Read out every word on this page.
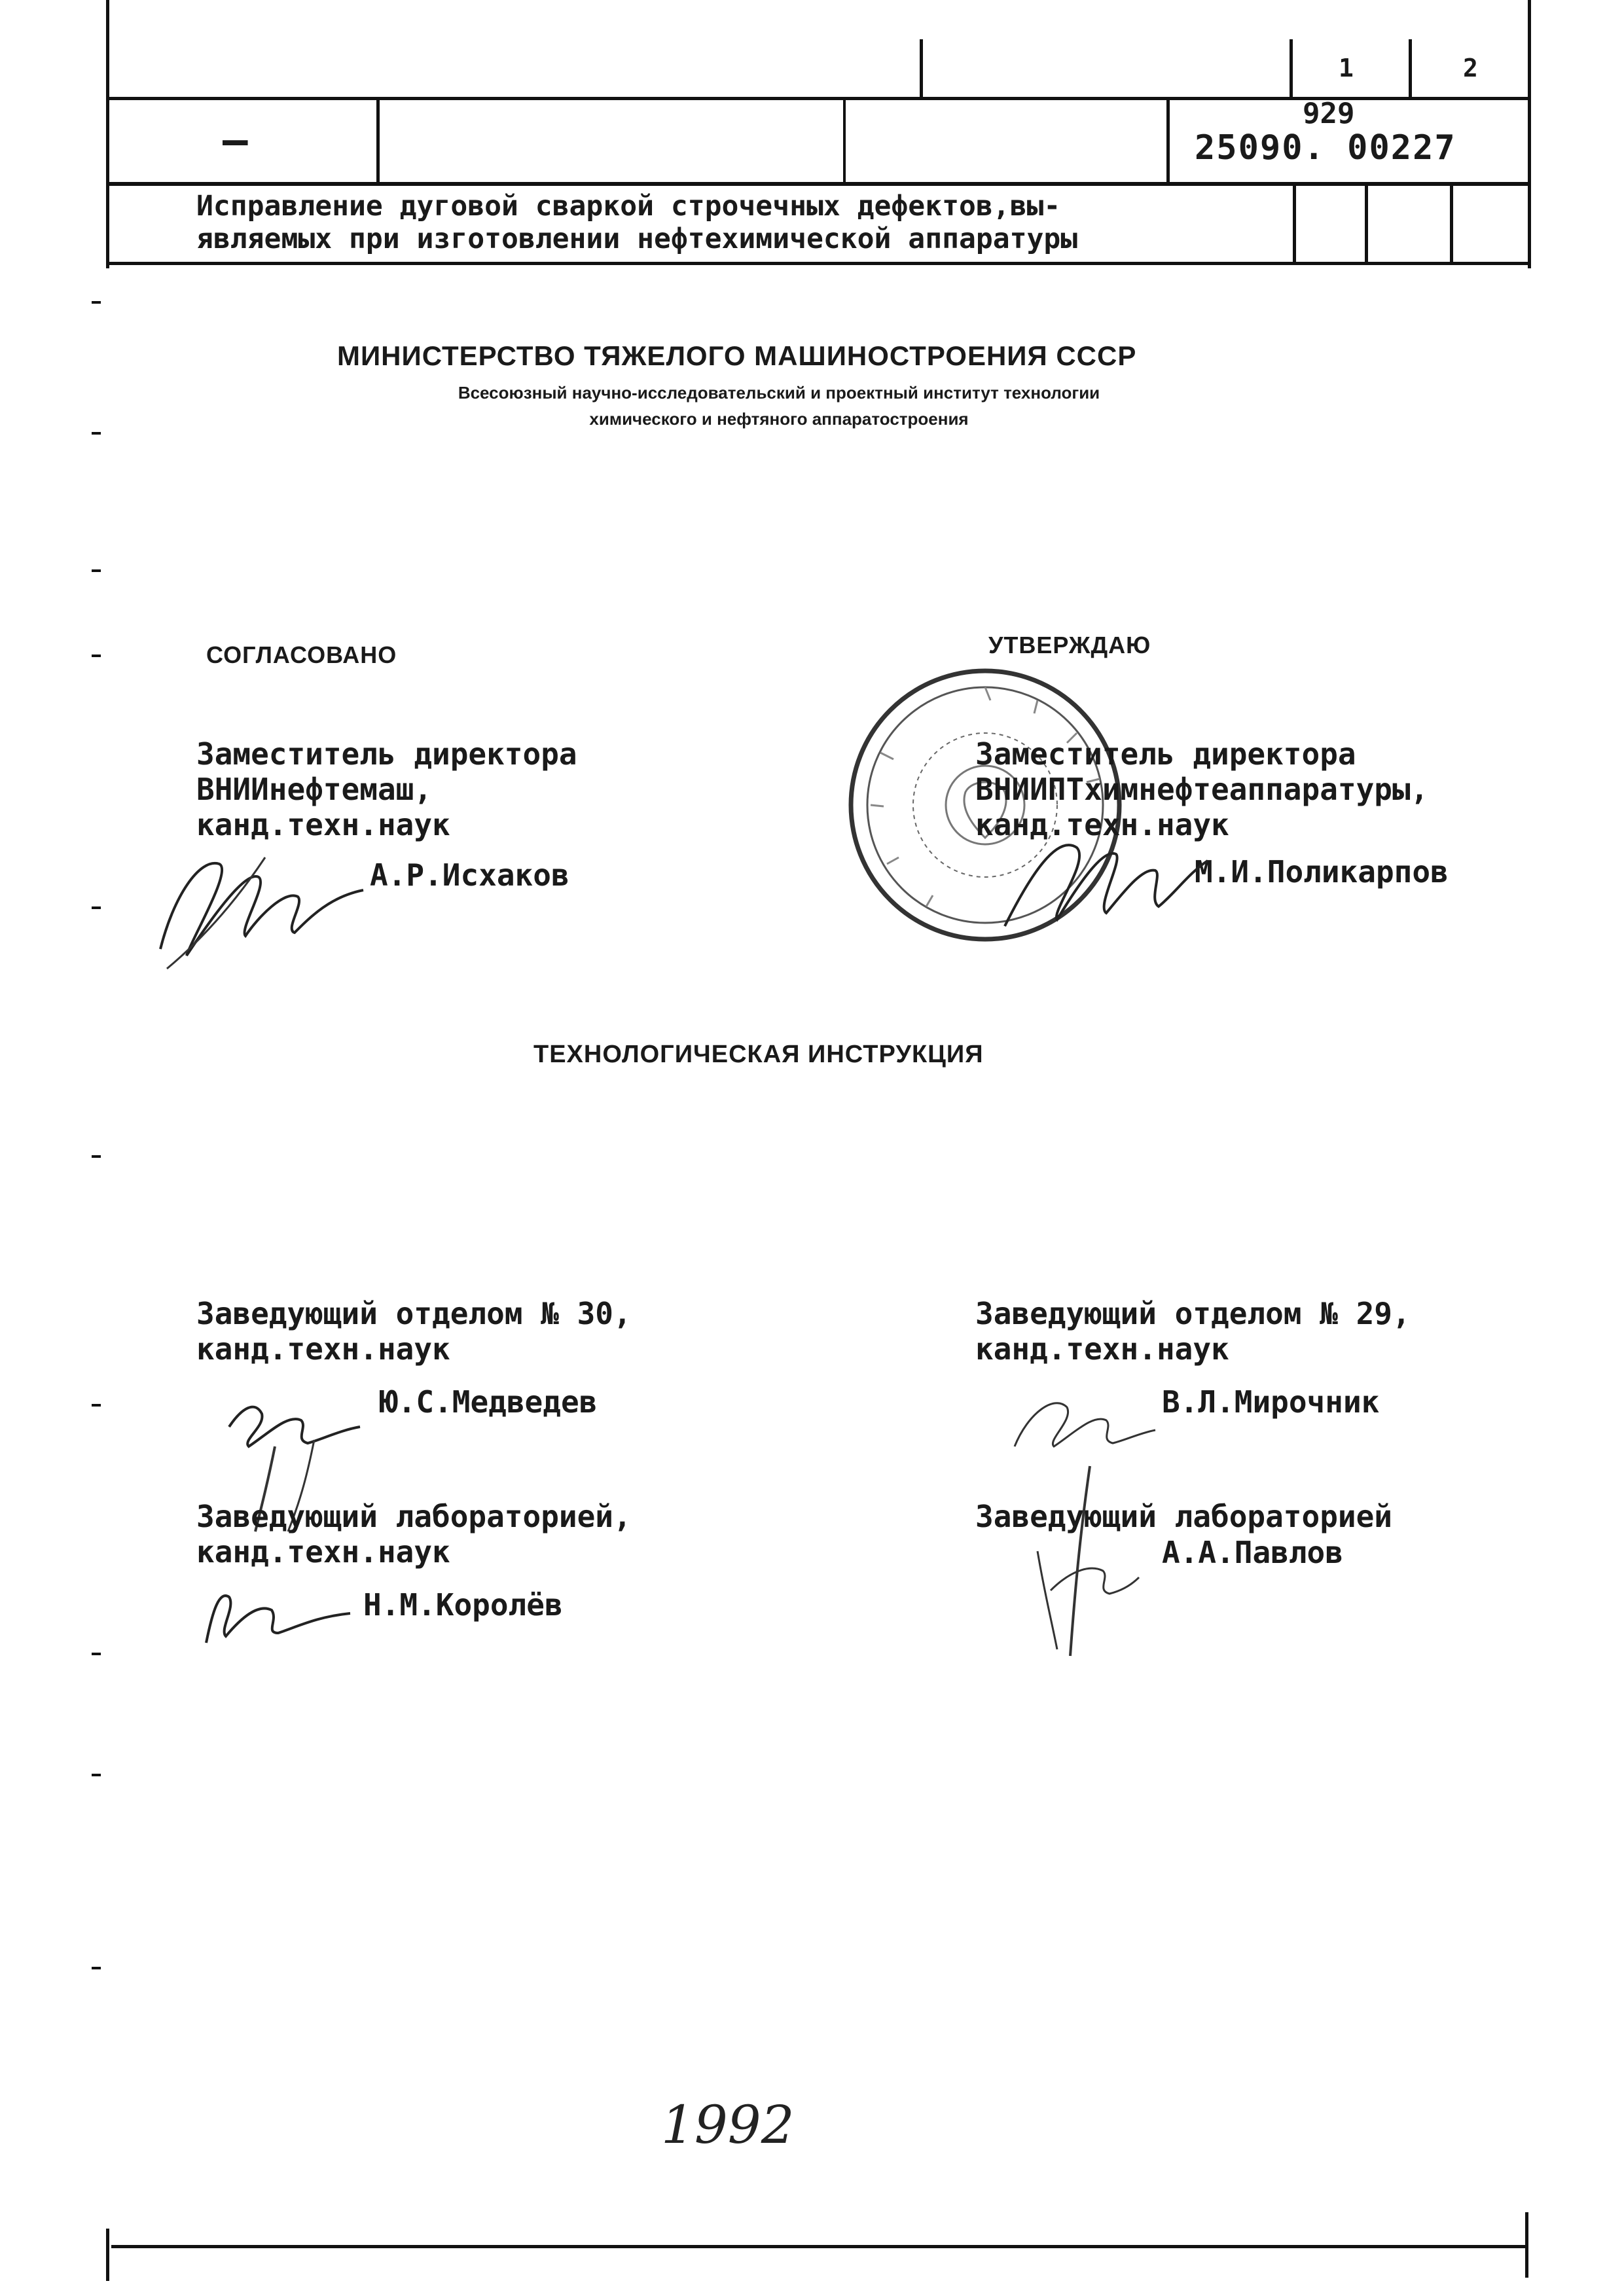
—
1	2
929
25090. 00227
Исправление дуговой сваркой строчечных дефектов,вы-
являемых при изготовлении нефтехимической аппаратуры
МИНИСТЕРСТВО ТЯЖЕЛОГО МАШИНОСТРОЕНИЯ СССР
Всесоюзный научно-исследовательский и проектный институт технологии
химического и нефтяного аппаратостроения
СОГЛАСОВАНО
Заместитель директора
ВНИИнефтемаш,
канд.техн.наук
А.Р.Исхаков
УТВЕРЖДАЮ
Заместитель директора
ВНИИПТхимнефтеаппаратуры,
канд.техн.наук
М.И.Поликарпов
ТЕХНОЛОГИЧЕСКАЯ ИНСТРУКЦИЯ
Заведующий отделом № 30,
канд.техн.наук
Ю.С.Медведев
Заведующий отделом № 29,
канд.техн.наук
В.Л.Мирочник
Заведующий лабораторией,
канд.техн.наук
Н.М.Королёв
Заведующий лабораторией
А.А.Павлов
1992
